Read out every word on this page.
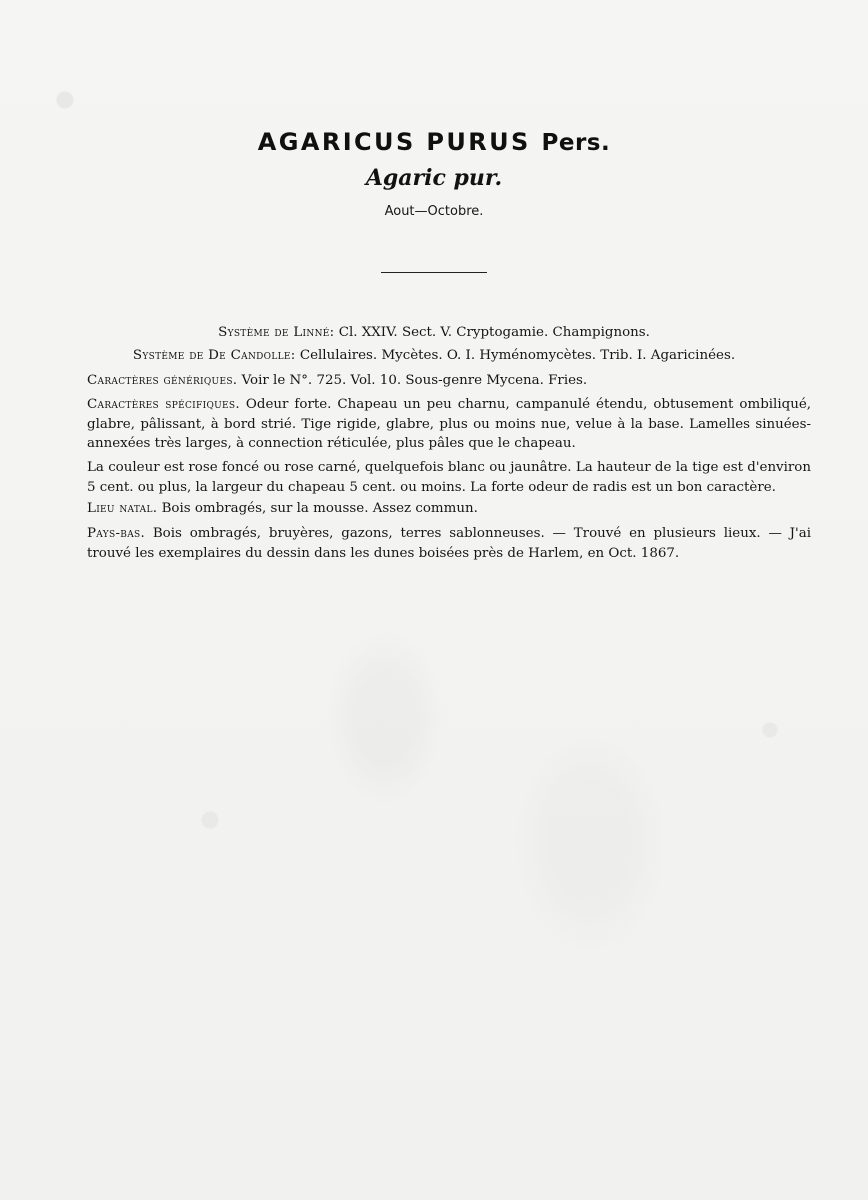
AGARICUS PURUS Pers.
Agaric pur.
Aout—Octobre.
Système de Linné: Cl. XXIV. Sect. V. Cryptogamie. Champignons.
Système de De Candolle: Cellulaires. Mycètes. O. I. Hyménomycètes. Trib. I. Agaricinées.
Caractères génériques. Voir le N°. 725. Vol. 10. Sous-genre Mycena. Fries.
Caractères spécifiques. Odeur forte. Chapeau un peu charnu, campanulé étendu, obtusement ombiliqué,
glabre, pâlissant, à bord strié. Tige rigide, glabre, plus ou moins nue, velue à la base. Lamelles sinuées-
annexées très larges, à connection réticulée, plus pâles que le chapeau.
La couleur est rose foncé ou rose carné, quelquefois blanc ou jaunâtre. La hauteur de la tige est d'environ
5 cent. ou plus, la largeur du chapeau 5 cent. ou moins. La forte odeur de radis est un bon caractère.
Lieu natal. Bois ombragés, sur la mousse. Assez commun.
Pays-bas. Bois ombragés, bruyères, gazons, terres sablonneuses. — Trouvé en plusieurs lieux. — J'ai
trouvé les exemplaires du dessin dans les dunes boisées près de Harlem, en Oct. 1867.
